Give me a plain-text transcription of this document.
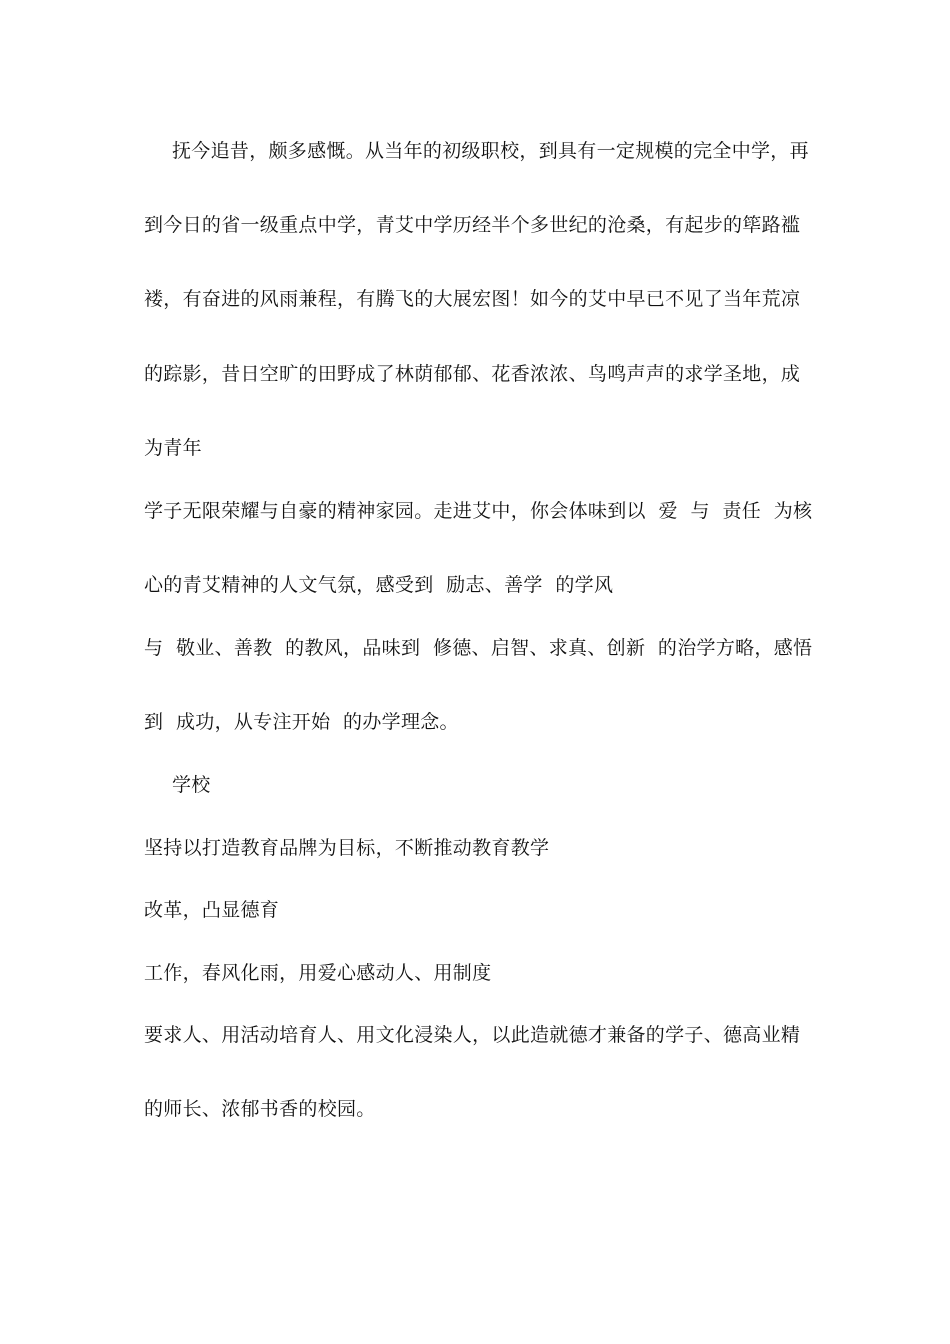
抚今追昔，颇多感慨。从当年的初级职校，到具有一定规模的完全中学，再
到今日的省一级重点中学，青艾中学历经半个多世纪的沧桑，有起步的筚路褴
褛，有奋进的风雨兼程，有腾飞的大展宏图！如今的艾中早已不见了当年荒凉
的踪影，昔日空旷的田野成了林荫郁郁、花香浓浓、鸟鸣声声的求学圣地，成
为青年
学子无限荣耀与自豪的精神家园。走进艾中，你会体味到以  爱  与  责任  为核
心的青艾精神的人文气氛，感受到  励志、善学  的学风
与  敬业、善教  的教风，品味到  修德、启智、求真、创新  的治学方略，感悟
到  成功，从专注开始  的办学理念。
学校
坚持以打造教育品牌为目标，不断推动教育教学
改革，凸显德育
工作，春风化雨，用爱心感动人、用制度
要求人、用活动培育人、用文化浸染人，以此造就德才兼备的学子、德高业精
的师长、浓郁书香的校园。
